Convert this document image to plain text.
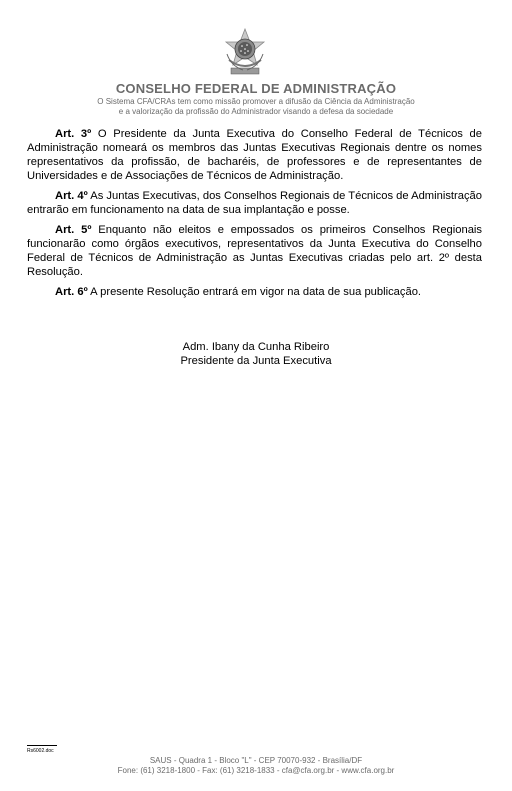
CONSELHO FEDERAL DE ADMINISTRAÇÃO
O Sistema CFA/CRAs tem como missão promover a difusão da Ciência da Administração
e a valorização da profissão do Administrador visando a defesa da sociedade

Art. 3º O Presidente da Junta Executiva do Conselho Federal de Técnicos de Administração nomeará os membros das Juntas Executivas Regionais dentre os nomes representativos da profissão, de bacharéis, de professores e de representantes de Universidades e de Associações de Técnicos de Administração.

Art. 4º As Juntas Executivas, dos Conselhos Regionais de Técnicos de Administração entrarão em funcionamento na data de sua implantação e posse.

Art. 5º Enquanto não eleitos e empossados os primeiros Conselhos Regionais funcionarão como órgãos executivos, representativos da Junta Executiva do Conselho Federal de Técnicos de Administração as Juntas Executivas criadas pelo art. 2º desta Resolução.

Art. 6º A presente Resolução entrará em vigor na data de sua publicação.

Adm. Ibany da Cunha Ribeiro
Presidente da Junta Executiva
Rs6002.doc
SAUS - Quadra 1 - Bloco "L" - CEP 70070-932 - Brasília/DF
Fone: (61) 3218-1800 - Fax: (61) 3218-1833 - cfa@cfa.org.br - www.cfa.org.br
